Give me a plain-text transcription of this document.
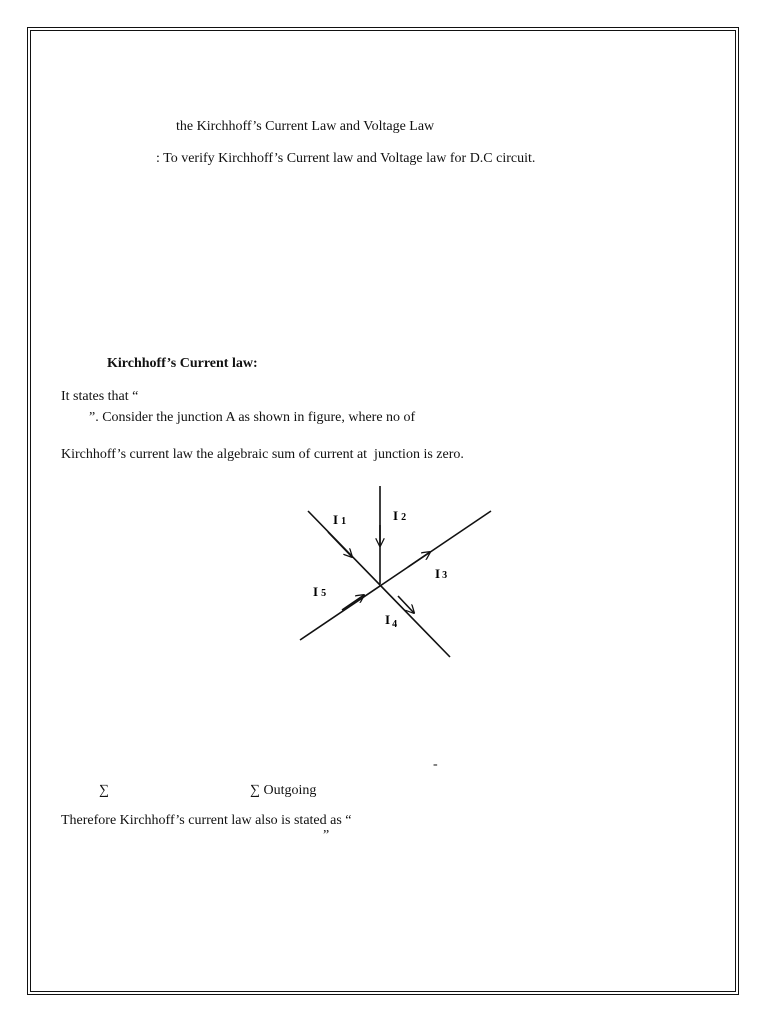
the Kirchhoff’s Current Law and Voltage Law
: To verify Kirchhoff’s Current law and Voltage law for D.C circuit.
Kirchhoff’s Current law:
It states that “
”. Consider the junction A as shown in figure, where no of
Kirchhoff’s current law the algebraic sum of current at  junction is zero.
I 1	I 2
I 3
I $_4$
I 5
-
∑	∑ Outgoing
Therefore Kirchhoff’s current law also is stated as “
”
